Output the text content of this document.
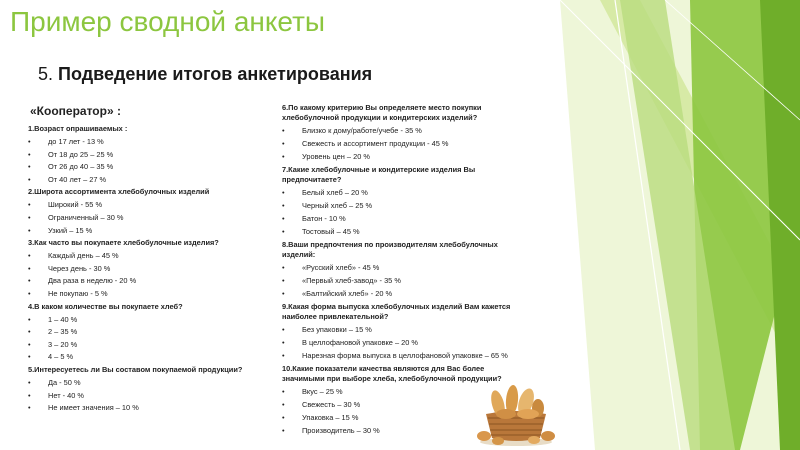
Пример сводной анкеты
5. Подведение итогов анкетирования
«Кооператор» :
1.Возраст опрашиваемых :
• до 17 лет - 13 %
• От 18 до 25 – 25 %
• От 26 до 40 – 35 %
• От 40 лет – 27 %
2.Широта ассортимента хлебобулочных изделий
• Широкий - 55 %
• Ограниченный – 30 %
• Узкий – 15 %
3.Как часто вы покупаете хлебобулочные изделия?
• Каждый день – 45 %
• Через день - 30 %
• Два раза в неделю - 20 %
• Не покупаю - 5 %
4.В каком количестве вы покупаете хлеб?
• 1 – 40 %
• 2 – 35 %
• 3 – 20 %
• 4 – 5 %
5.Интересуетесь ли Вы составом покупаемой продукции?
• Да - 50 %
• Нет - 40 %
• Не имеет значения – 10 %
6.По какому критерию Вы определяете место покупки
хлебобулочной продукции и кондитерских изделий?
• Близко к дому/работе/учебе - 35 %
• Свежесть и ассортимент продукции - 45 %
• Уровень цен – 20 %
7.Какие хлебобулочные и кондитерские изделия Вы
предпочитаете?
• Белый хлеб – 20 %
• Черный хлеб – 25 %
• Батон - 10 %
• Тостовый – 45 %
8.Ваши предпочтения по производителям хлебобулочных
изделий:
• «Русский хлеб» - 45 %
• «Первый хлеб-завод» - 35 %
• «Балтийский хлеб» - 20 %
9.Какая форма выпуска хлебобулочных изделий Вам кажется
наиболее привлекательной?
• Без упаковки – 15 %
• В целлофановой упаковке – 20 %
• Нарезная форма выпуска в целлофановой упаковке – 65 %
10.Какие показатели качества являются для Вас более
значимыми при выборе хлеба, хлебобулочной продукции?
• Вкус – 25 %
• Свежесть – 30 %
• Упаковка – 15 %
• Производитель – 30 %
